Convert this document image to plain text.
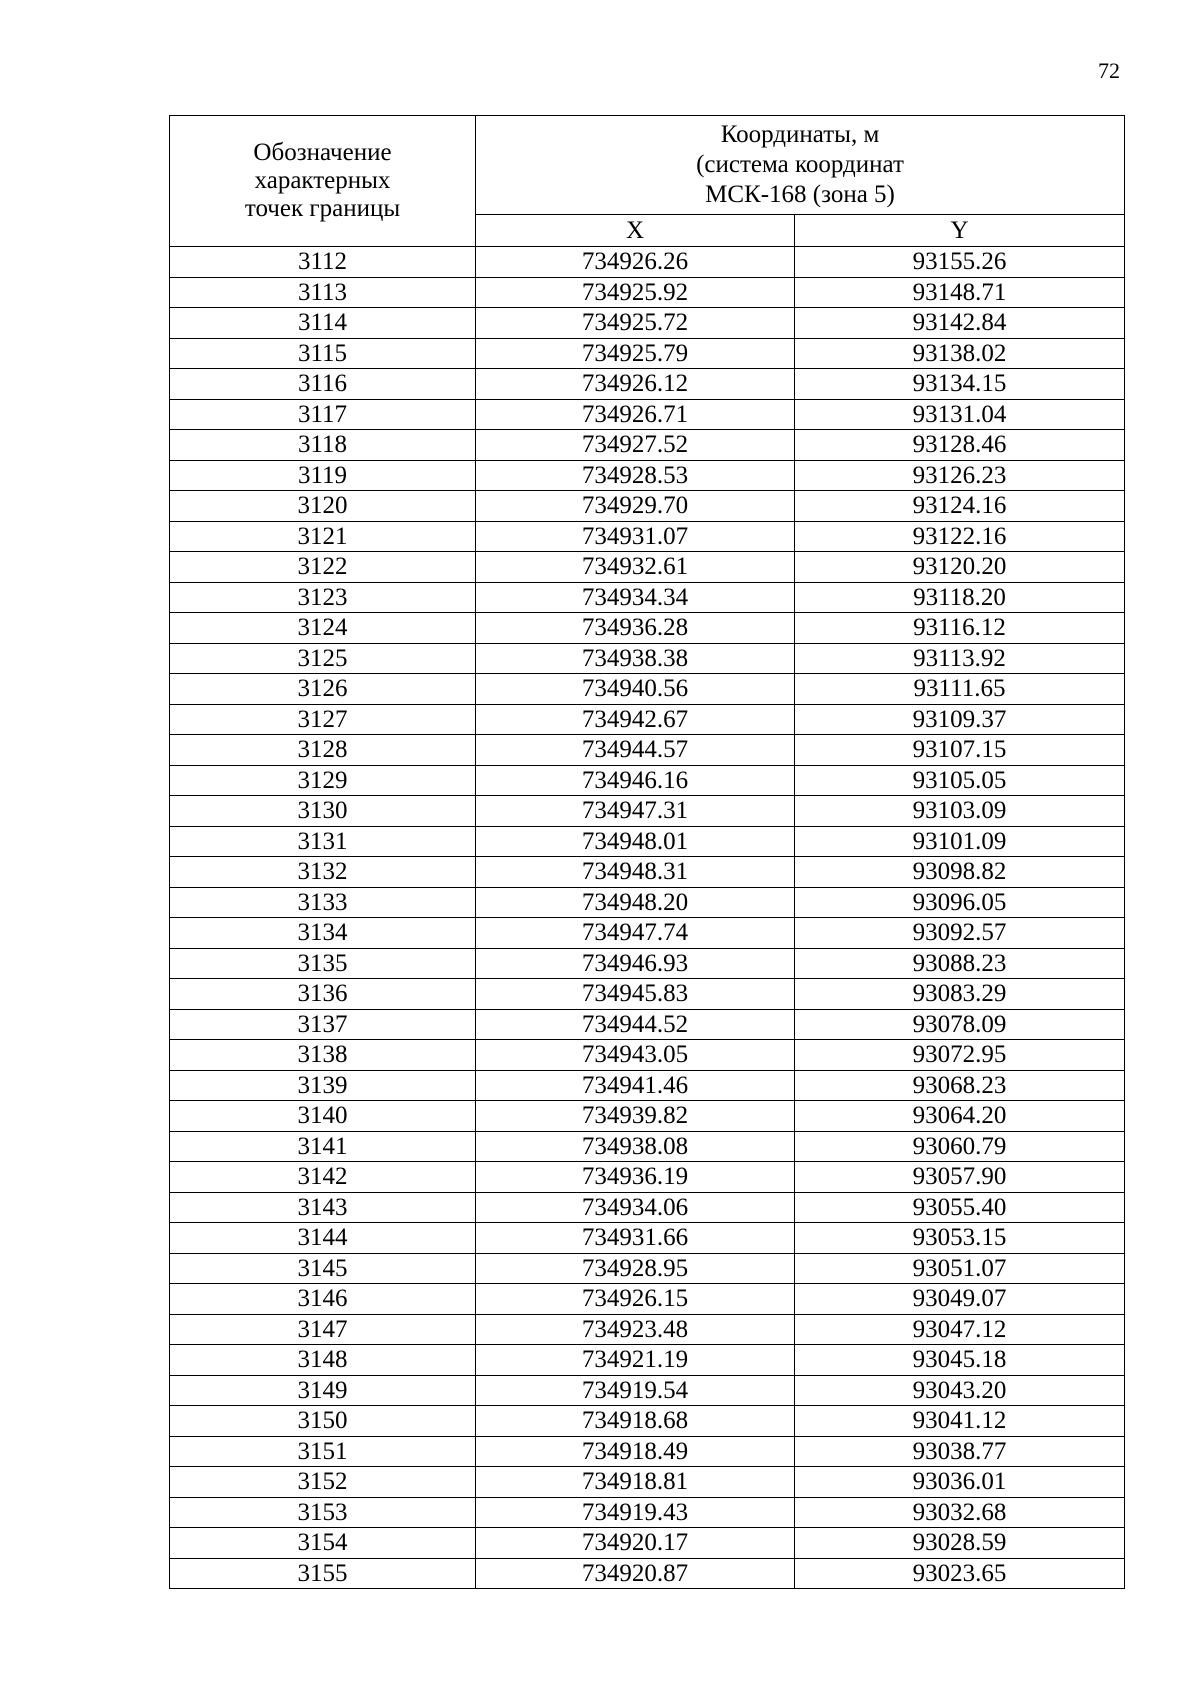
72
Обозначение
характерных
точек границы	Координаты, м
(система координат
МСК-168 (зона 5)	
	X	Y
3112	734926.26	93155.26
3113	734925.92	93148.71
3114	734925.72	93142.84
3115	734925.79	93138.02
3116	734926.12	93134.15
3117	734926.71	93131.04
3118	734927.52	93128.46
3119	734928.53	93126.23
3120	734929.70	93124.16
3121	734931.07	93122.16
3122	734932.61	93120.20
3123	734934.34	93118.20
3124	734936.28	93116.12
3125	734938.38	93113.92
3126	734940.56	93111.65
3127	734942.67	93109.37
3128	734944.57	93107.15
3129	734946.16	93105.05
3130	734947.31	93103.09
3131	734948.01	93101.09
3132	734948.31	93098.82
3133	734948.20	93096.05
3134	734947.74	93092.57
3135	734946.93	93088.23
3136	734945.83	93083.29
3137	734944.52	93078.09
3138	734943.05	93072.95
3139	734941.46	93068.23
3140	734939.82	93064.20
3141	734938.08	93060.79
3142	734936.19	93057.90
3143	734934.06	93055.40
3144	734931.66	93053.15
3145	734928.95	93051.07
3146	734926.15	93049.07
3147	734923.48	93047.12
3148	734921.19	93045.18
3149	734919.54	93043.20
3150	734918.68	93041.12
3151	734918.49	93038.77
3152	734918.81	93036.01
3153	734919.43	93032.68
3154	734920.17	93028.59
3155	734920.87	93023.65
